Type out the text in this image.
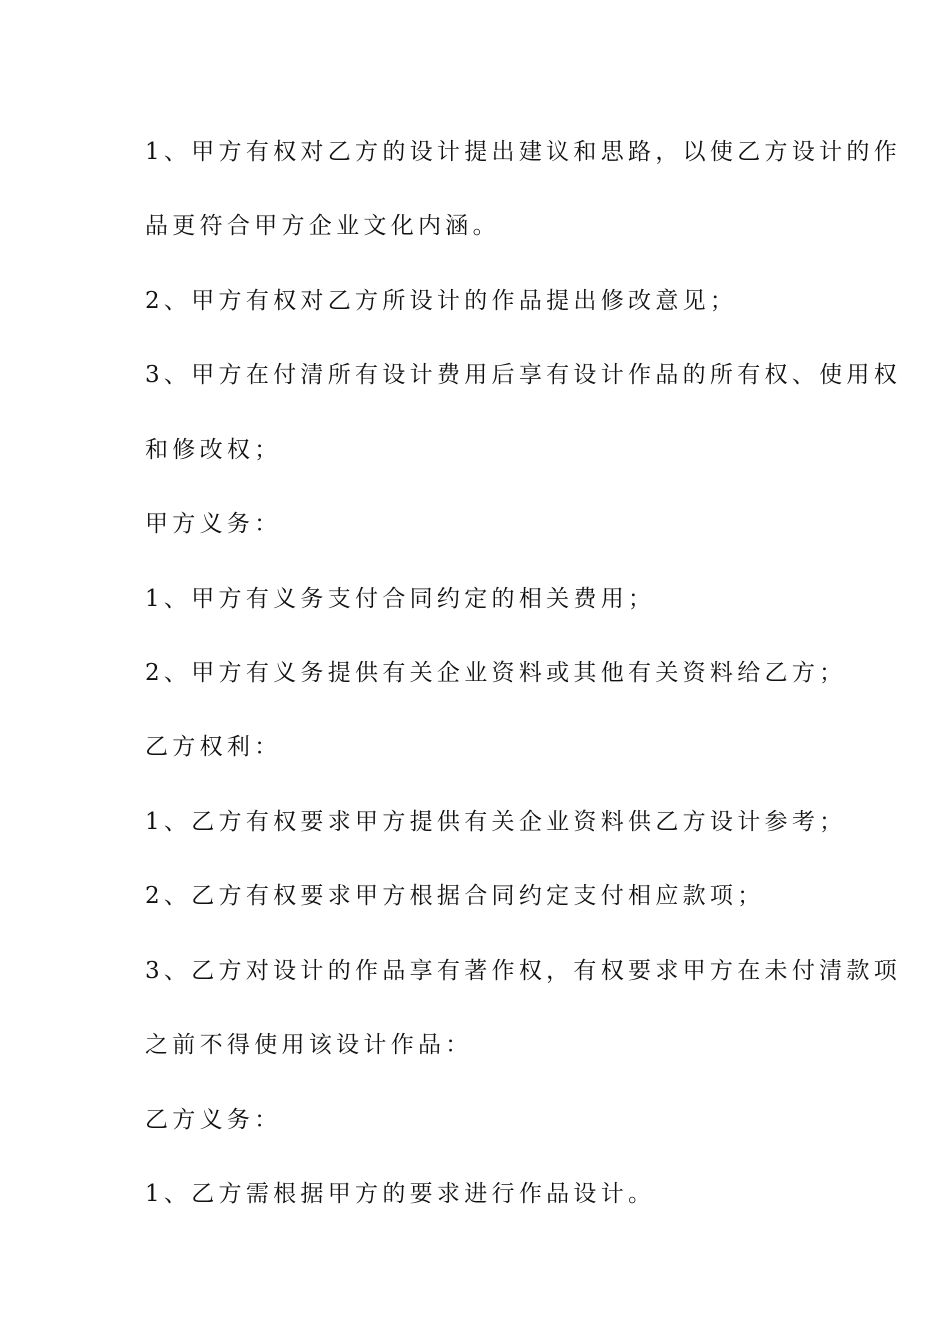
1、甲方有权对乙方的设计提出建议和思路，以使乙方设计的作
品更符合甲方企业文化内涵。
2、甲方有权对乙方所设计的作品提出修改意见；
3、甲方在付清所有设计费用后享有设计作品的所有权、使用权
和修改权；
甲方义务：
1、甲方有义务支付合同约定的相关费用；
2、甲方有义务提供有关企业资料或其他有关资料给乙方；
乙方权利：
1、乙方有权要求甲方提供有关企业资料供乙方设计参考；
2、乙方有权要求甲方根据合同约定支付相应款项；
3、乙方对设计的作品享有著作权，有权要求甲方在未付清款项
之前不得使用该设计作品：
乙方义务：
1、乙方需根据甲方的要求进行作品设计。
